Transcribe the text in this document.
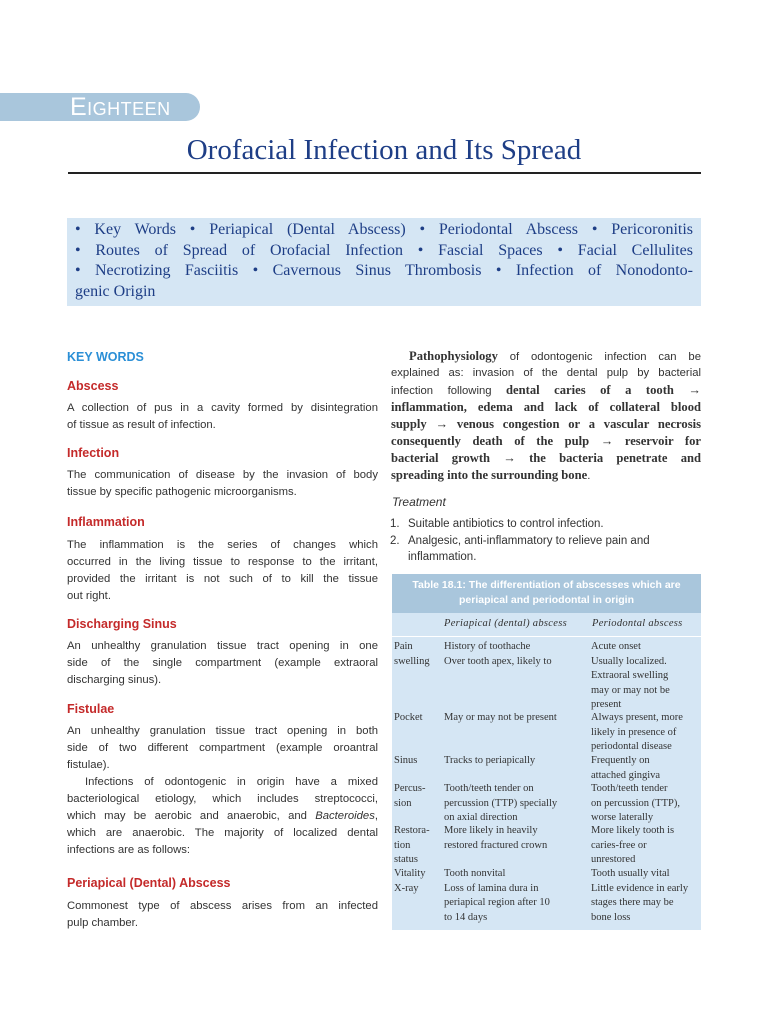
Eighteen
Orofacial Infection and Its Spread
• Key Words • Periapical (Dental Abscess) • Periodontal Abscess • Pericoronitis
• Routes of Spread of Orofacial Infection • Fascial Spaces • Facial Cellulites
• Necrotizing Fasciitis • Cavernous Sinus Thrombosis • Infection of Nonodonto-
genic Origin
KEY WORDS
Abscess
A collection of pus in a cavity formed by disintegration
of tissue as result of infection.
Infection
The communication of disease by the invasion of body
tissue by specific pathogenic microorganisms.
Inflammation
The inflammation is the series of changes which
occurred in the living tissue to response to the irritant,
provided the irritant is not such of to kill the tissue
out right.
Discharging Sinus
An unhealthy granulation tissue tract opening in one
side of the single compartment (example extraoral
discharging sinus).
Fistulae
An unhealthy granulation tissue tract opening in both
side of two different compartment (example oroantral
fistulae).
Infections of odontogenic in origin have a mixed
bacteriological etiology, which includes streptococci,
which may be aerobic and anaerobic, and Bacteroides,
which are anaerobic. The majority of localized dental
infections are as follows:
Periapical (Dental) Abscess
Commonest type of abscess arises from an infected
pulp chamber.
Pathophysiology of odontogenic infection can be
explained as: invasion of the dental pulp by bacterial
infection following dental caries of a tooth →
inflammation, edema and lack of collateral blood
supply → venous congestion or a vascular necrosis
consequently death of the pulp → reservoir for
bacterial growth → the bacteria penetrate and
spreading into the surrounding bone.
Treatment
1. Suitable antibiotics to control infection.
2. Analgesic, anti-inflammatory to relieve pain and
inflammation.
Table 18.1: The differentiation of abscesses which are
periapical and periodontal in origin
Periapical (dental) abscess Periodontal abscess
Pain
swelling
Pocket
Sinus
Percus-
sion
Restora-
tion
status
Vitality
X-ray
History of toothache
Over tooth apex, likely to
May or may not be present
Tracks to periapically
Tooth/teeth tender on
percussion (TTP) specially
on axial direction
More likely in heavily
restored fractured crown
Tooth nonvital
Loss of lamina dura in
periapical region after 10
to 14 days
Acute onset
Usually localized.
Extraoral swelling
may or may not be
present
Always present, more
likely in presence of
periodontal disease
Frequently on
attached gingiva
Tooth/teeth tender
on percussion (TTP),
worse laterally
More likely tooth is
caries-free or
unrestored
Tooth usually vital
Little evidence in early
stages there may be
bone loss
